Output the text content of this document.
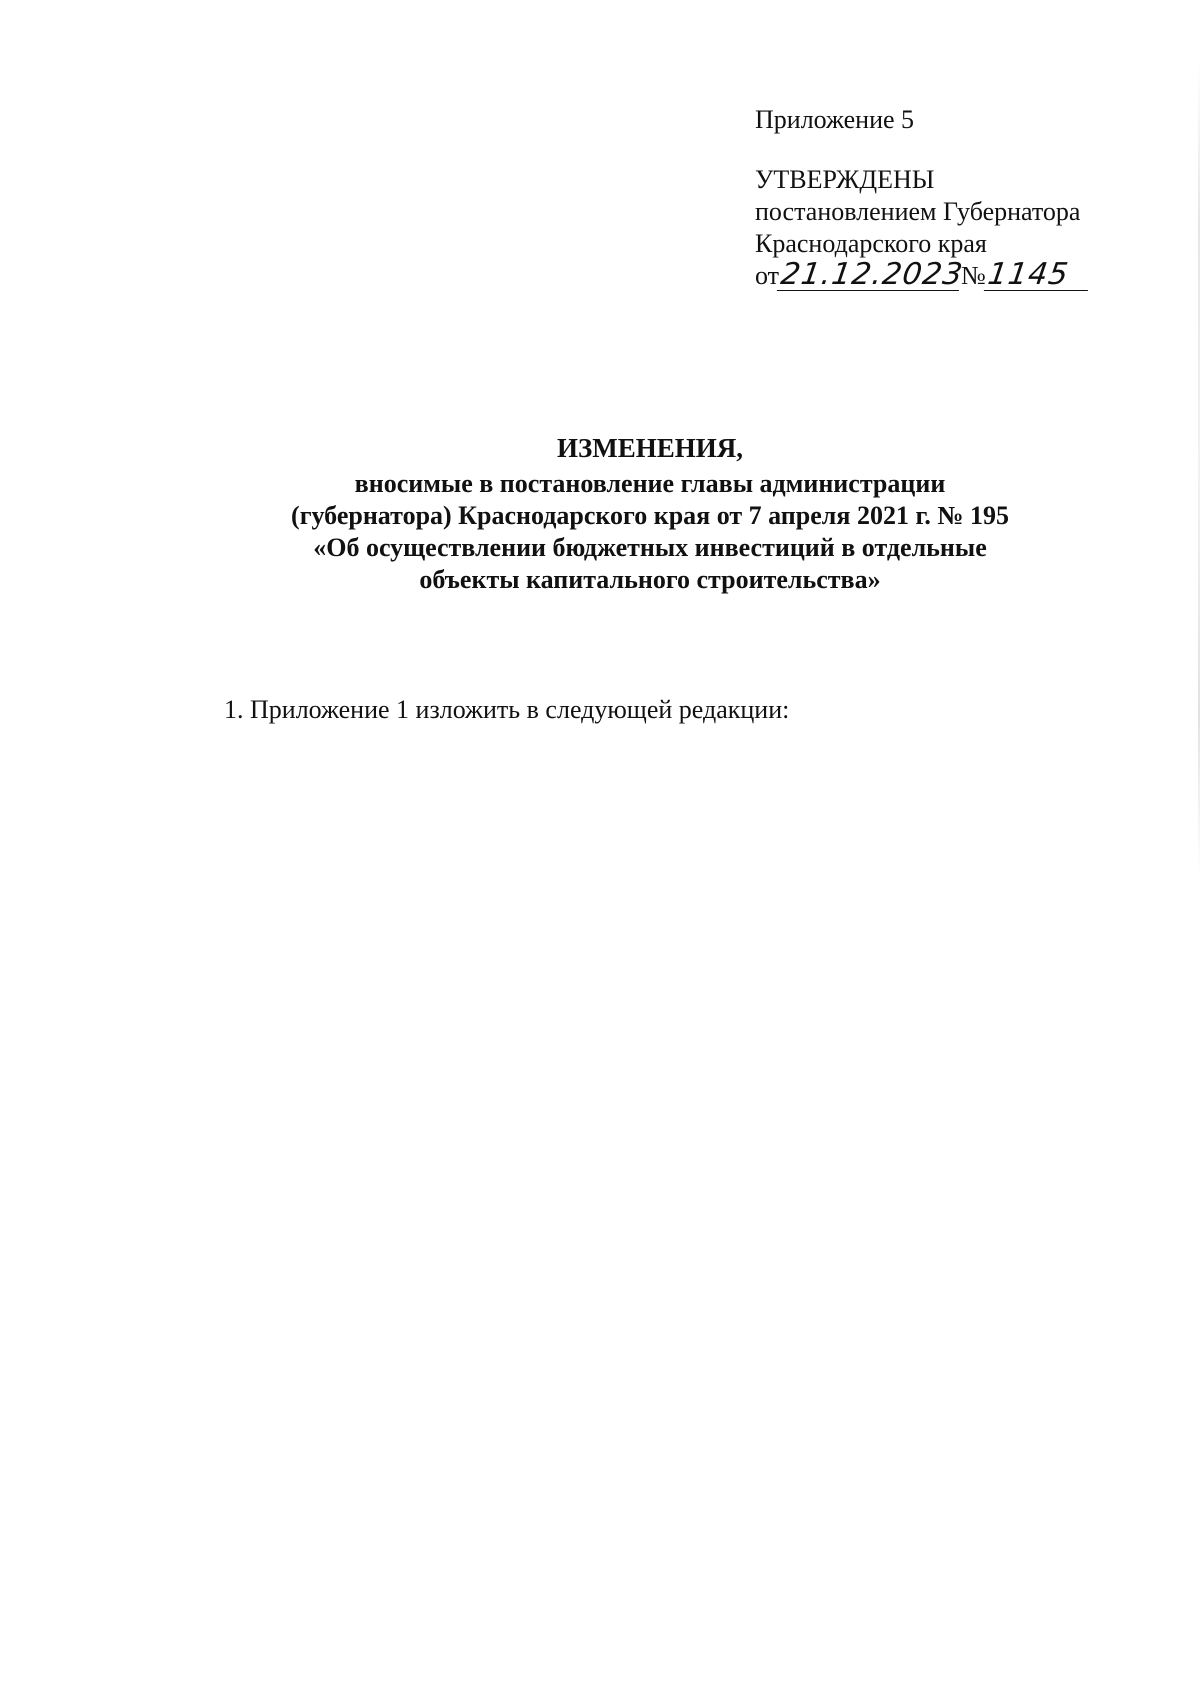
Приложение 5
УТВЕРЖДЕНЫ
постановлением Губернатора
Краснодарского края
от21.12.2023№1145
ИЗМЕНЕНИЯ,
вносимые в постановление главы администрации
(губернатора) Краснодарского края от 7 апреля 2021 г. № 195
«Об осуществлении бюджетных инвестиций в отдельные
объекты капитального строительства»
1. Приложение 1 изложить в следующей редакции:
